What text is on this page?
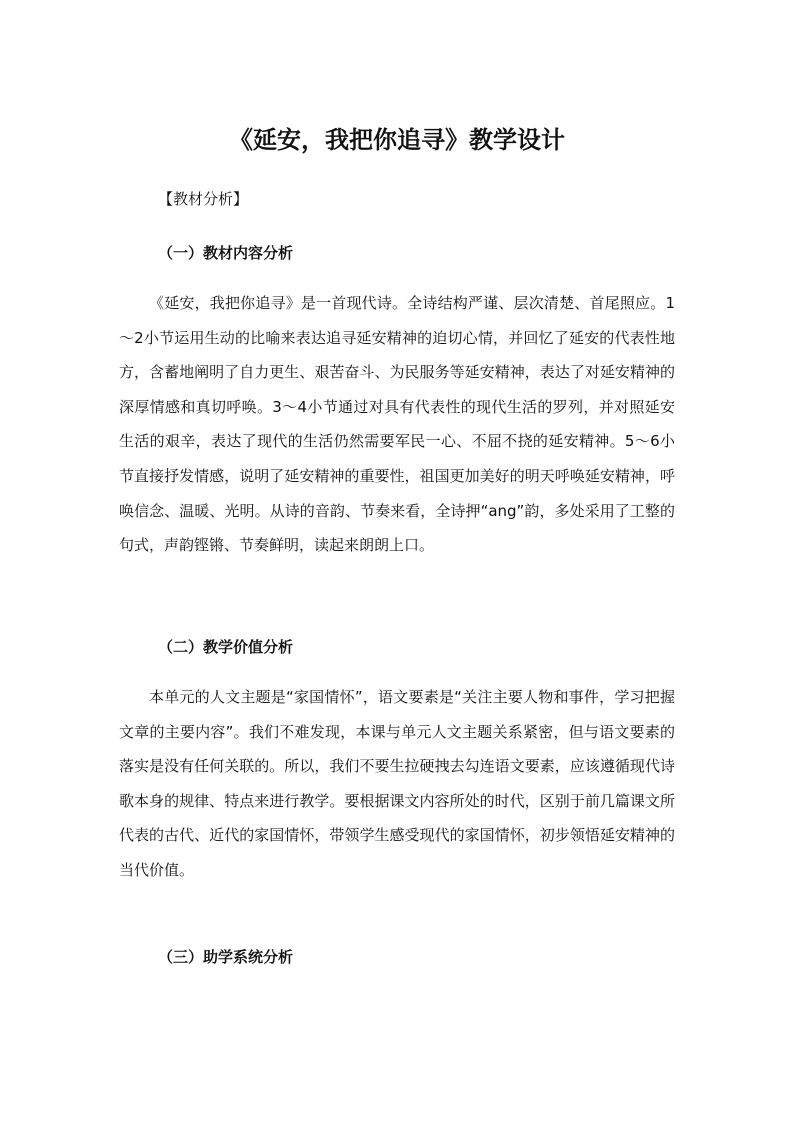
《延安，我把你追寻》教学设计
【教材分析】
（一）教材内容分析

《延安，我把你追寻》是一首现代诗。全诗结构严谨、层次清楚、首尾照应。1～2小节运用生动的比喻来表达追寻延安精神的迫切心情，并回忆了延安的代表性地方，含蓄地阐明了自力更生、艰苦奋斗、为民服务等延安精神，表达了对延安精神的深厚情感和真切呼唤。3～4小节通过对具有代表性的现代生活的罗列，并对照延安生活的艰辛，表达了现代的生活仍然需要军民一心、不屈不挠的延安精神。5～6小节直接抒发情感，说明了延安精神的重要性，祖国更加美好的明天呼唤延安精神，呼唤信念、温暖、光明。从诗的音韵、节奏来看，全诗押“ang”韵，多处采用了工整的句式，声韵铿锵、节奏鲜明，读起来朗朗上口。

（二）教学价值分析

本单元的人文主题是“家国情怀”，语文要素是“关注主要人物和事件，学习把握文章的主要内容”。我们不难发现，本课与单元人文主题关系紧密，但与语文要素的落实是没有任何关联的。所以，我们不要生拉硬拽去勾连语文要素，应该遵循现代诗歌本身的规律、特点来进行教学。要根据课文内容所处的时代，区别于前几篇课文所代表的古代、近代的家国情怀，带领学生感受现代的家国情怀，初步领悟延安精神的当代价值。

（三）助学系统分析
